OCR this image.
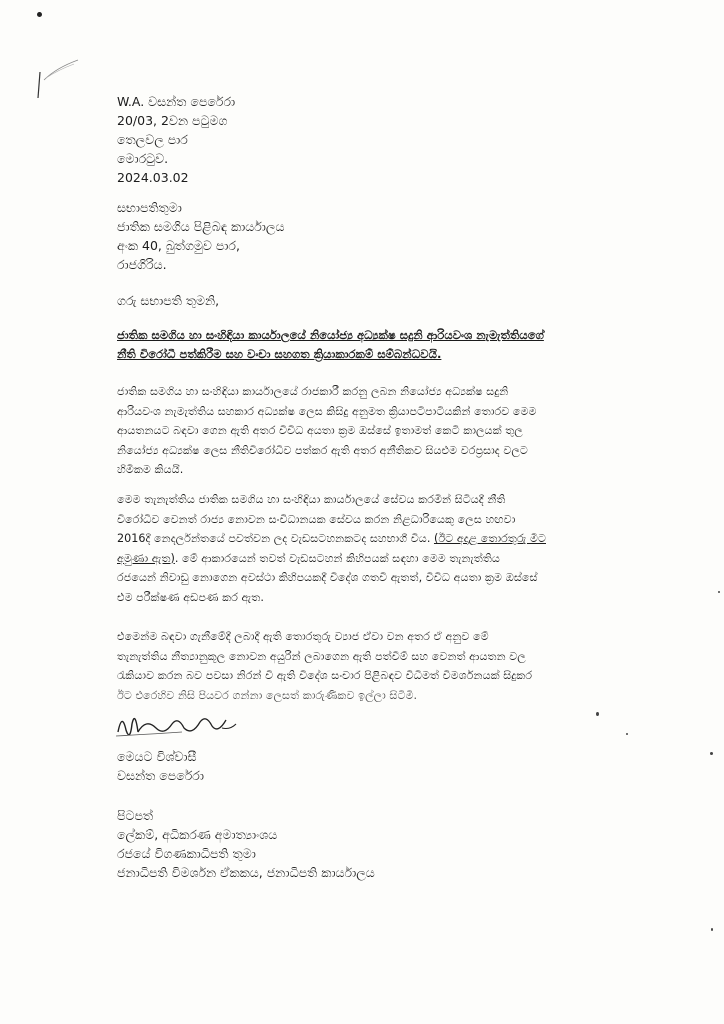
W.A. වසන්ත පෙරේරා
20/03, 2වන පටුමග
තෙලවල පාර
මොරටුව.
2024.03.02
සභාපතිතුමා
ජාතික සමගිය පිළිබඳ කාර්යාලය
අංක 40, බුත්ගමුව පාර,
රාජගිරිය.
ගරු සභාපති තුමනි,
ජාතික සමගිය හා සංහිඳියා කාර්යාලයේ නියෝජ්‍ය අධ්‍යක්ෂ සදුනි ආරියවංශ නැමැත්තියගේ
නීති විරෝධී පත්කිරීම සහ වංචා සහගත ක්‍රියාකාරකම් සම්බන්ධවයි.
ජාතික සමගිය හා සංහිඳියා කාර්යාලයේ රාජකාරී කරනු ලබන නියෝජ්‍ය අධ්‍යක්ෂ සදුනි
ආරියවංශ නැමැත්තිය සහකාර අධ්‍යක්ෂ ලෙස කිසිදු අනුමත ක්‍රියාපටිපාටියකින් තොරව මෙම
ආයතනයට බඳවා ගෙන ඇති අතර විවිධ අයතා ක්‍රම ඔස්සේ ඉතාමත් කෙටි කාලයක් තුල
නියෝජ්‍ය අධ්‍යක්ෂ ලෙස නීතිවිරෝධීව පත්කර ඇති අතර අනීතිකව සියළුම වරප්‍රසාද වලට
හිමිකම කියයි.
මෙම තැනැත්තිය ජාතික සමගිය හා සංහිඳියා කාර්යාලයේ සේවය කරමින් සිටියදී නීති
විරෝධීව වෙනත් රාජ්‍ය නොවන සංවිධානයක සේවය කරන නිළධාරියෙකු ලෙස හඟවා
2016දී නෙදර්ලන්තයේ පවත්වන ලද වැඩසටහනකටද සහභාගී විය. (ඊට අදාළ තොරතුරු මීට
අමුණා ඇත). මේ ආකාරයෙන් තවත් වැඩසටහන් කිහිපයක් සඳහා මෙම තැනැත්තිය
රජයෙන් නිවාඩු නොගෙන අවස්ථා කිහිපයකදී විදේශ ගතවී ඇතත්, විවිධ අයතා ක්‍රම ඔස්සේ
එම පරීක්ෂණ අඩපණ කර ඇත.
එමෙන්ම බඳවා ගැනීමේදී ලබාදී ඇති තොරතුරු ව්‍යාජ ඒවා වන අතර ඒ අනුව මේ
තැනැත්තිය නීත්‍යානුකූල නොවන අයුරින් ලබාගෙන ඇති පත්වීම් සහ වෙනත් ආයතන වල
රැකියාව කරන බව පවසා නිරන් වී ඇති විදේශ සංචාර පිළිබඳව විධිමත් විමර්ශනයක් සිදුකර
ඊට එරෙහිව නිසි පියවර ගන්නා ලෙසත් කාරුණිකව ඉල්ලා සිටිමි.
මෙයට විශ්වාසී
වසන්ත පෙරේරා
පිටපත්
ලේකම්, අධිකරණ අමාත්‍යාංශය
රජයේ විගණකාධිපති තුමා
ජනාධිපති විමර්ශන ඒකකය, ජනාධිපති කාර්යාලය
